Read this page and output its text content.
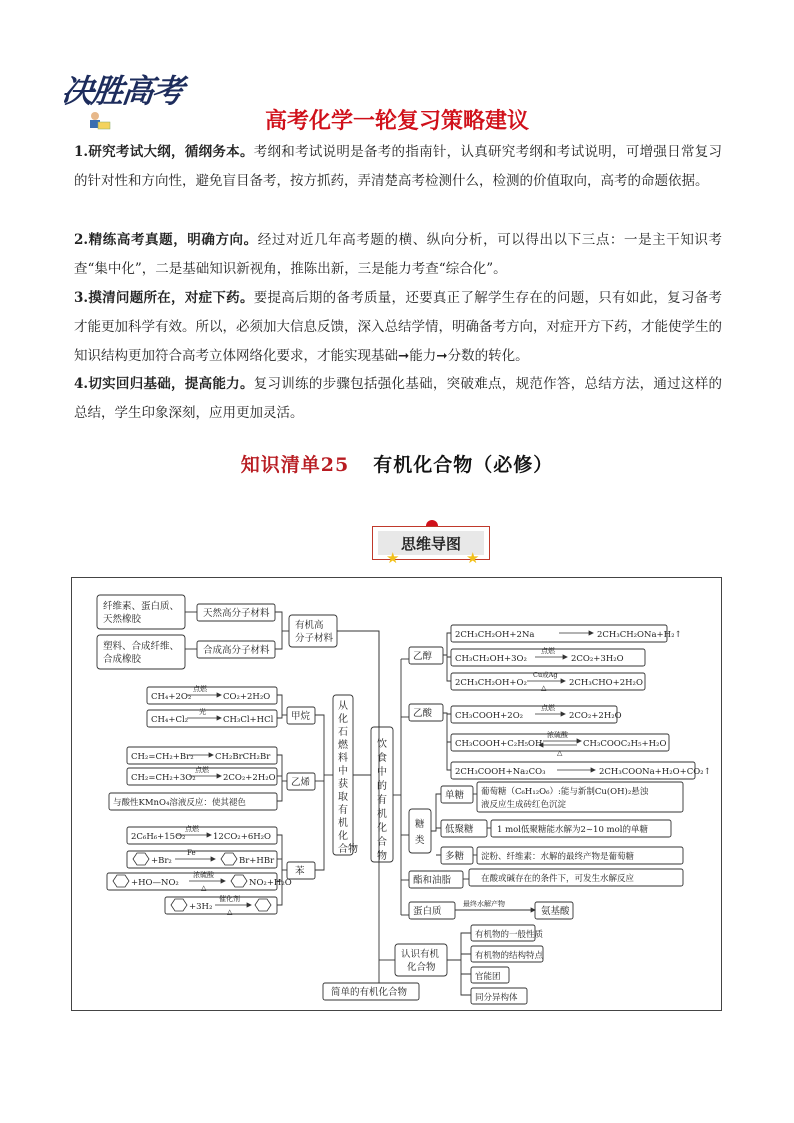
决胜高考
高考化学一轮复习策略建议
1.研究考试大纲，循纲务本。考纲和考试说明是备考的指南针，认真研究考纲和考试说明，可增强日常复习的针对性和方向性，避免盲目备考，按方抓药，弄清楚高考检测什么，检测的价值取向，高考的命题依据。
2.精练高考真题，明确方向。经过对近几年高考题的横、纵向分析，可以得出以下三点：一是主干知识考查“集中化”，二是基础知识新视角，推陈出新，三是能力考查“综合化”。
3.摸清问题所在，对症下药。要提高后期的备考质量，还要真正了解学生存在的问题，只有如此，复习备考才能更加科学有效。所以，必须加大信息反馈，深入总结学情，明确备考方向，对症开方下药，才能使学生的知识结构更加符合高考立体网络化要求，才能实现基础➞能力➞分数的转化。
4.切实回归基础，提高能力。复习训练的步骤包括强化基础，突破难点，规范作答，总结方法，通过这样的总结，学生印象深刻，应用更加灵活。
知识清单25 有机化合物（必修）
思维导图
★	★
纤维素、蛋白质、
天然橡胶
天然高分子材料
塑料、合成纤维、
合成橡胶
合成高分子材料
有机高
分子材料
CH₄+2O₂
点燃
CO₂+2H₂O
CH₄+Cl₂
光
CH₃Cl+HCl 甲烷
CH₂=CH₂+Br₂	CH₂BrCH₂Br
CH₂=CH₂+3O₂
点燃
2CO₂+2H₂O
与酸性KMnO₄溶液反应：使其褪色
乙烯
2C₆H₆+15O₂
点燃
12CO₂+6H₂O
+Br₂
Fe
Br+HBr
+HO—NO₂
浓硫酸
△	NO₂+H₂O
+3H₂
催化剂
△
苯
从
化
石
燃
料
中
获
取
有
机
化
合物
饮
食
中
的
有
机
化
合
物
乙醇
2CH₃CH₂OH+2Na	2CH₃CH₂ONa+H₂↑
CH₃CH₂OH+3O₂
点燃
2CO₂+3H₂O
2CH₃CH₂OH+O₂
Cu或Ag
△	2CH₃CHO+2H₂O
乙酸	CH₃COOH+2O₂
点燃
2CO₂+2H₂O
CH₃COOH+C₂H₅OH
浓硫酸
△
CH₃COOC₂H₅+H₂O
2CH₃COOH+Na₂CO₃	2CH₃COONa+H₂O+CO₂↑
糖
类
单糖 葡萄糖（C₆H₁₂O₆）:能与新制Cu(OH)₂悬浊
液反应生成砖红色沉淀
低聚糖	1 mol低聚糖能水解为2~10 mol的单糖
多糖 淀粉、纤维素：水解的最终产物是葡萄糖
酯和油脂	在酸或碱存在的条件下，可发生水解反应
蛋白质
最终水解产物
氨基酸
认识有机
化合物
有机物的一般性质
有机物的结构特点
官能团
同分异构体
简单的有机化合物
